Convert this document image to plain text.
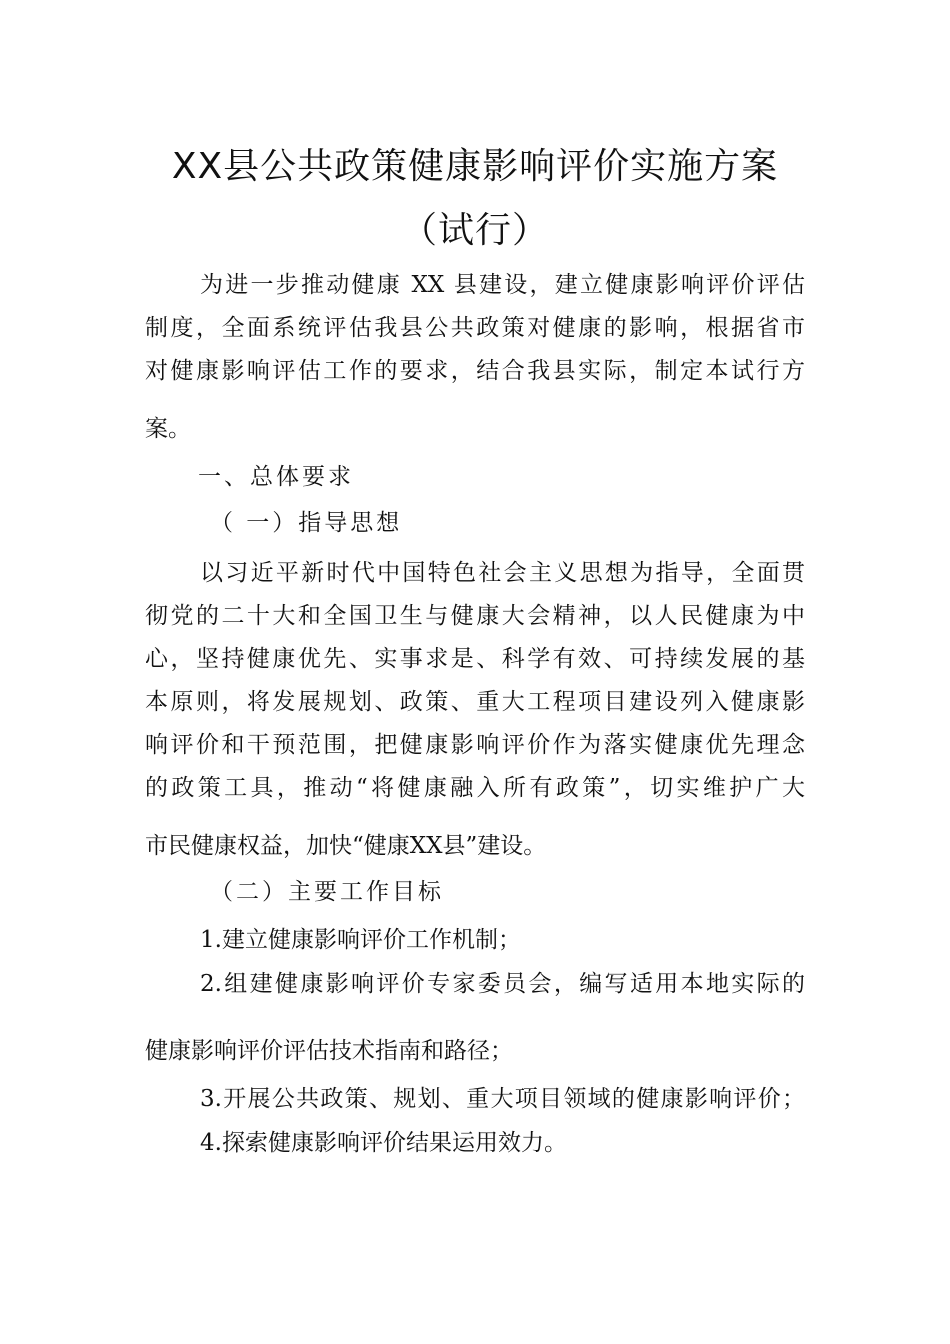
XX县公共政策健康影响评价实施方案
（试行）
为进一步推动健康 XX 县建设，建立健康影响评价评估
制度，全面系统评估我县公共政策对健康的影响，根据省市
对健康影响评估工作的要求，结合我县实际，制定本试行方
案。
一、总体要求
（ 一）指导思想
以习近平新时代中国特色社会主义思想为指导，全面贯
彻党的二十大和全国卫生与健康大会精神，以人民健康为中
心，坚持健康优先、实事求是、科学有效、可持续发展的基
本原则，将发展规划、政策、重大工程项目建设列入健康影
响评价和干预范围，把健康影响评价作为落实健康优先理念
的政策工具，推动“将健康融入所有政策”，切实维护广大
市民健康权益，加快“健康XX县”建设。
（二）主要工作目标
1.建立健康影响评价工作机制；
2.组建健康影响评价专家委员会，编写适用本地实际的
健康影响评价评估技术指南和路径；
3.开展公共政策、规划、重大项目领域的健康影响评价；
4.探索健康影响评价结果运用效力。
